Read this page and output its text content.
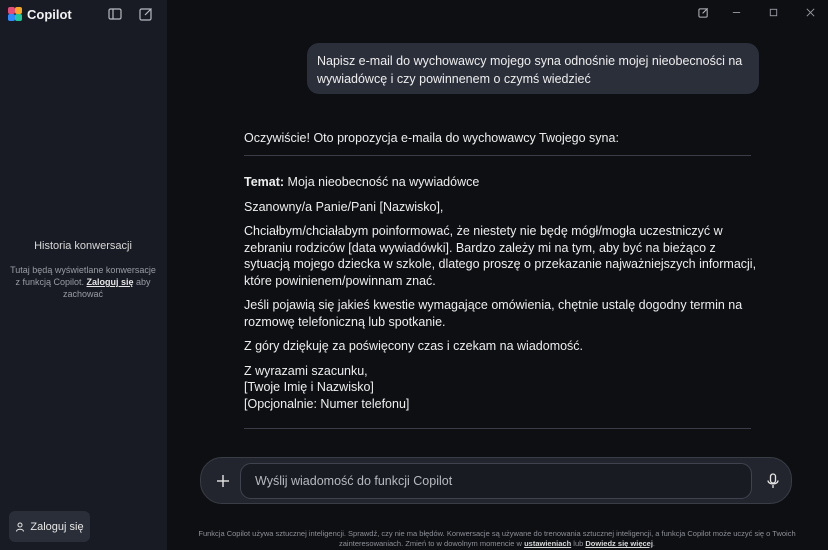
Copilot
Historia konwersacji
Tutaj będą wyświetlane konwersacje z funkcją Copilot. Zaloguj się aby zachować
Zaloguj się
Napisz e-mail do wychowawcy mojego syna odnośnie mojej nieobecności na wywiadówcę i czy powinnenem o czymś wiedzieć
Oczywiście! Oto propozycja e-maila do wychowawcy Twojego syna:

Temat: Moja nieobecność na wywiadówce

Szanowny/a Panie/Pani [Nazwisko],

Chciałbym/chciałabym poinformować, że niestety nie będę mógł/mogła uczestniczyć w zebraniu rodziców [data wywiadówki]. Bardzo zależy mi na tym, aby być na bieżąco z sytuacją mojego dziecka w szkole, dlatego proszę o przekazanie najważniejszych informacji, które powinienem/powinnam znać.

Jeśli pojawią się jakieś kwestie wymagające omówienia, chętnie ustalę dogodny termin na rozmowę telefoniczną lub spotkanie.

Z góry dziękuję za poświęcony czas i czekam na wiadomość.

Z wyrazami szacunku,
[Twoje Imię i Nazwisko]
[Opcjonalnie: Numer telefonu]

Wyślij wiadomość do funkcji Copilot
Funkcja Copilot używa sztucznej inteligencji. Sprawdź, czy nie ma błędów. Konwersacje są używane do trenowania sztucznej inteligencji, a funkcja Copilot może uczyć się o Twoich zainteresowaniach. Zmień to w dowolnym momencie w ustawieniach lub Dowiedz się więcej.
